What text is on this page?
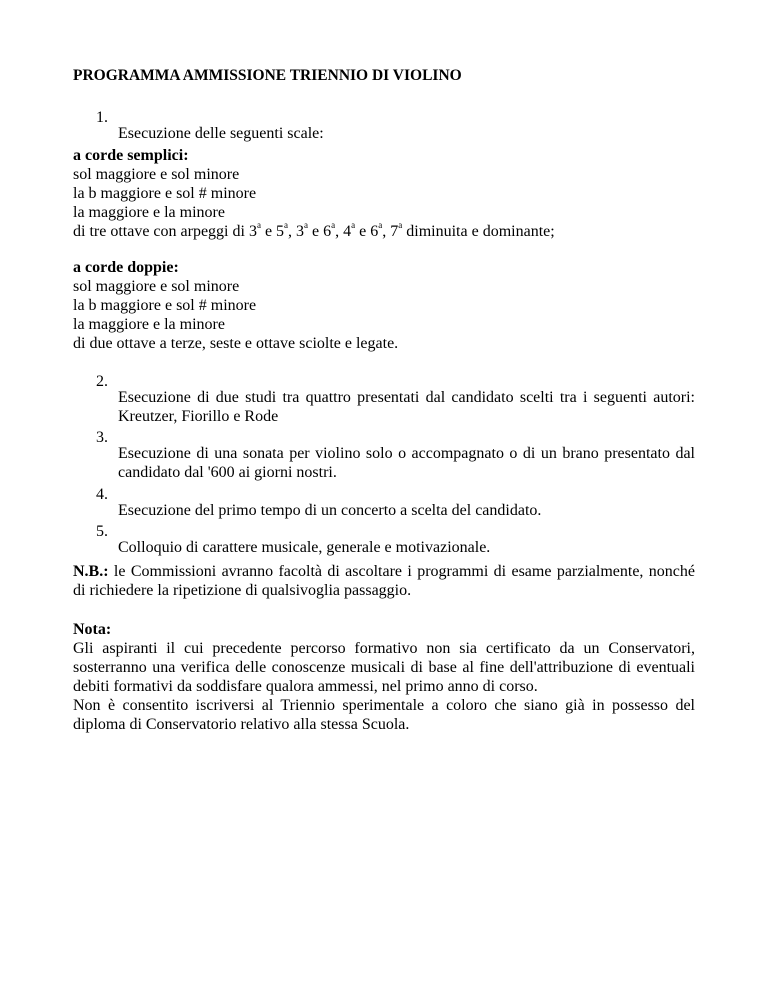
PROGRAMMA AMMISSIONE TRIENNIO DI VIOLINO
1.

Esecuzione delle seguenti scale:

a corde semplici:

sol maggiore e sol minore

la b maggiore e sol # minore

la maggiore e la minore

di tre ottave con arpeggi di 3$^a$ e 5$^a$, 3$^a$ e 6$^a$, 4$^a$ e 6$^a$, 7$^a$ diminuita e dominante;

a corde doppie:

sol maggiore e sol minore

la b maggiore e sol # minore

la maggiore e la minore

di due ottave a terze, seste e ottave sciolte e legate.

2.

Esecuzione di due studi tra quattro presentati dal candidato scelti tra i seguenti autori: Kreutzer, Fiorillo e Rode

3.

Esecuzione di una sonata per violino solo o accompagnato o di un brano presentato dal candidato dal '600 ai giorni nostri.

4.

Esecuzione del primo tempo di un concerto a scelta del candidato.

5.

Colloquio di carattere musicale, generale e motivazionale.

N.B.: le Commissioni avranno facoltà di ascoltare i programmi di esame parzialmente, nonché di richiedere la ripetizione di qualsivoglia passaggio.

Nota:

Gli aspiranti il cui precedente percorso formativo non sia certificato da un Conservatori, sosterranno una verifica delle conoscenze musicali di base al fine dell'attribuzione di eventuali debiti formativi da soddisfare qualora ammessi, nel primo anno di corso.

Non è consentito iscriversi al Triennio sperimentale a coloro che siano già in possesso del diploma di Conservatorio relativo alla stessa Scuola.
